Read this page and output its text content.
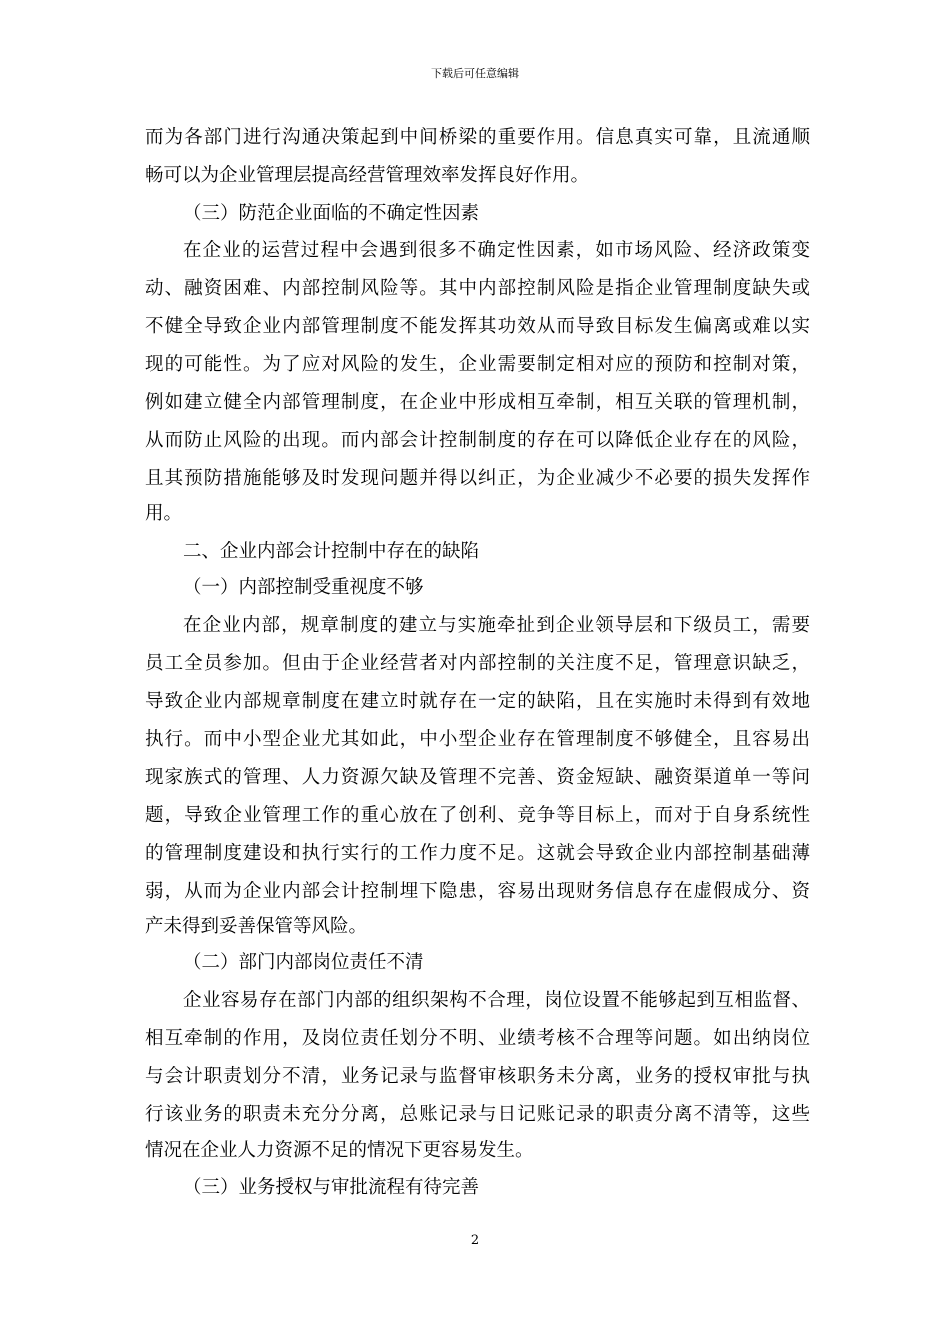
下载后可任意编辑
而为各部门进行沟通决策起到中间桥梁的重要作用。信息真实可靠，且流通顺
畅可以为企业管理层提高经营管理效率发挥良好作用。
（三）防范企业面临的不确定性因素
在企业的运营过程中会遇到很多不确定性因素，如市场风险、经济政策变
动、融资困难、内部控制风险等。其中内部控制风险是指企业管理制度缺失或
不健全导致企业内部管理制度不能发挥其功效从而导致目标发生偏离或难以实
现的可能性。为了应对风险的发生，企业需要制定相对应的预防和控制对策，
例如建立健全内部管理制度，在企业中形成相互牵制，相互关联的管理机制，
从而防止风险的出现。而内部会计控制制度的存在可以降低企业存在的风险，
且其预防措施能够及时发现问题并得以纠正，为企业减少不必要的损失发挥作
用。
二、企业内部会计控制中存在的缺陷
（一）内部控制受重视度不够
在企业内部，规章制度的建立与实施牵扯到企业领导层和下级员工，需要
员工全员参加。但由于企业经营者对内部控制的关注度不足，管理意识缺乏，
导致企业内部规章制度在建立时就存在一定的缺陷，且在实施时未得到有效地
执行。而中小型企业尤其如此，中小型企业存在管理制度不够健全，且容易出
现家族式的管理、人力资源欠缺及管理不完善、资金短缺、融资渠道单一等问
题，导致企业管理工作的重心放在了创利、竞争等目标上，而对于自身系统性
的管理制度建设和执行实行的工作力度不足。这就会导致企业内部控制基础薄
弱，从而为企业内部会计控制埋下隐患，容易出现财务信息存在虚假成分、资
产未得到妥善保管等风险。
（二）部门内部岗位责任不清
企业容易存在部门内部的组织架构不合理，岗位设置不能够起到互相监督、
相互牵制的作用，及岗位责任划分不明、业绩考核不合理等问题。如出纳岗位
与会计职责划分不清，业务记录与监督审核职务未分离，业务的授权审批与执
行该业务的职责未充分分离，总账记录与日记账记录的职责分离不清等，这些
情况在企业人力资源不足的情况下更容易发生。
（三）业务授权与审批流程有待完善
2
